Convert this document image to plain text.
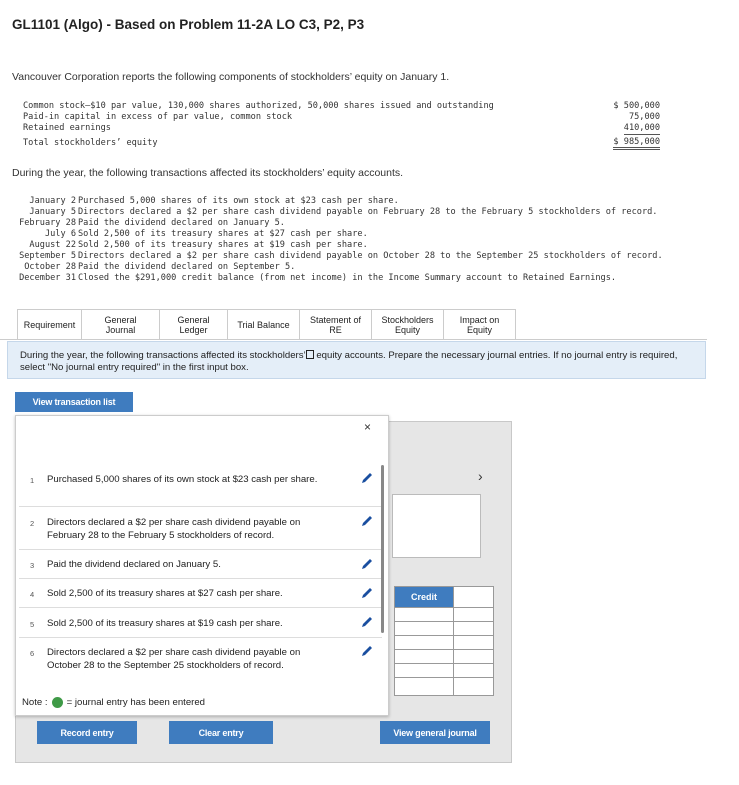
GL1101 (Algo) - Based on Problem 11-2A LO C3, P2, P3
Vancouver Corporation reports the following components of stockholders’ equity on January 1.
Common stock—$10 par value, 130,000 shares authorized, 50,000 shares issued and outstanding	$ 500,000
Paid-in capital in excess of par value, common stock	75,000
Retained earnings	410,000
Total stockholders’ equity	$ 985,000
During the year, the following transactions affected its stockholders’ equity accounts.
January 2 Purchased 5,000 shares of its own stock at $23 cash per share.
January 5 Directors declared a $2 per share cash dividend payable on February 28 to the February 5 stockholders of record.
February 28 Paid the dividend declared on January 5.
July 6 Sold 2,500 of its treasury shares at $27 cash per share.
August 22 Sold 2,500 of its treasury shares at $19 cash per share.
September 5 Directors declared a $2 per share cash dividend payable on October 28 to the September 25 stockholders of record.
October 28 Paid the dividend declared on September 5.
December 31 Closed the $291,000 credit balance (from net income) in the Income Summary account to Retained Earnings.
Requirement	General
Journal
General
Ledger	Trial Balance Statement of
RE
Stockholders
Equity
Impact on
Equity
During the year, the following transactions affected its stockholders’ equity accounts. Prepare the necessary journal entries. If no journal entry is required, select "No journal entry required" in the first input box.
View transaction list
›
Credit
Record entry	Clear entry	View general journal
×
1 Purchased 5,000 shares of its own stock at $23 cash per share.
2 Directors declared a $2 per share cash dividend payable on February 28 to the February 5 stockholders of record.
3 Paid the dividend declared on January 5.
4 Sold 2,500 of its treasury shares at $27 cash per share.
5 Sold 2,500 of its treasury shares at $19 cash per share.
6 Directors declared a $2 per share cash dividend payable on October 28 to the September 25 stockholders of record.
Note : = journal entry has been entered
